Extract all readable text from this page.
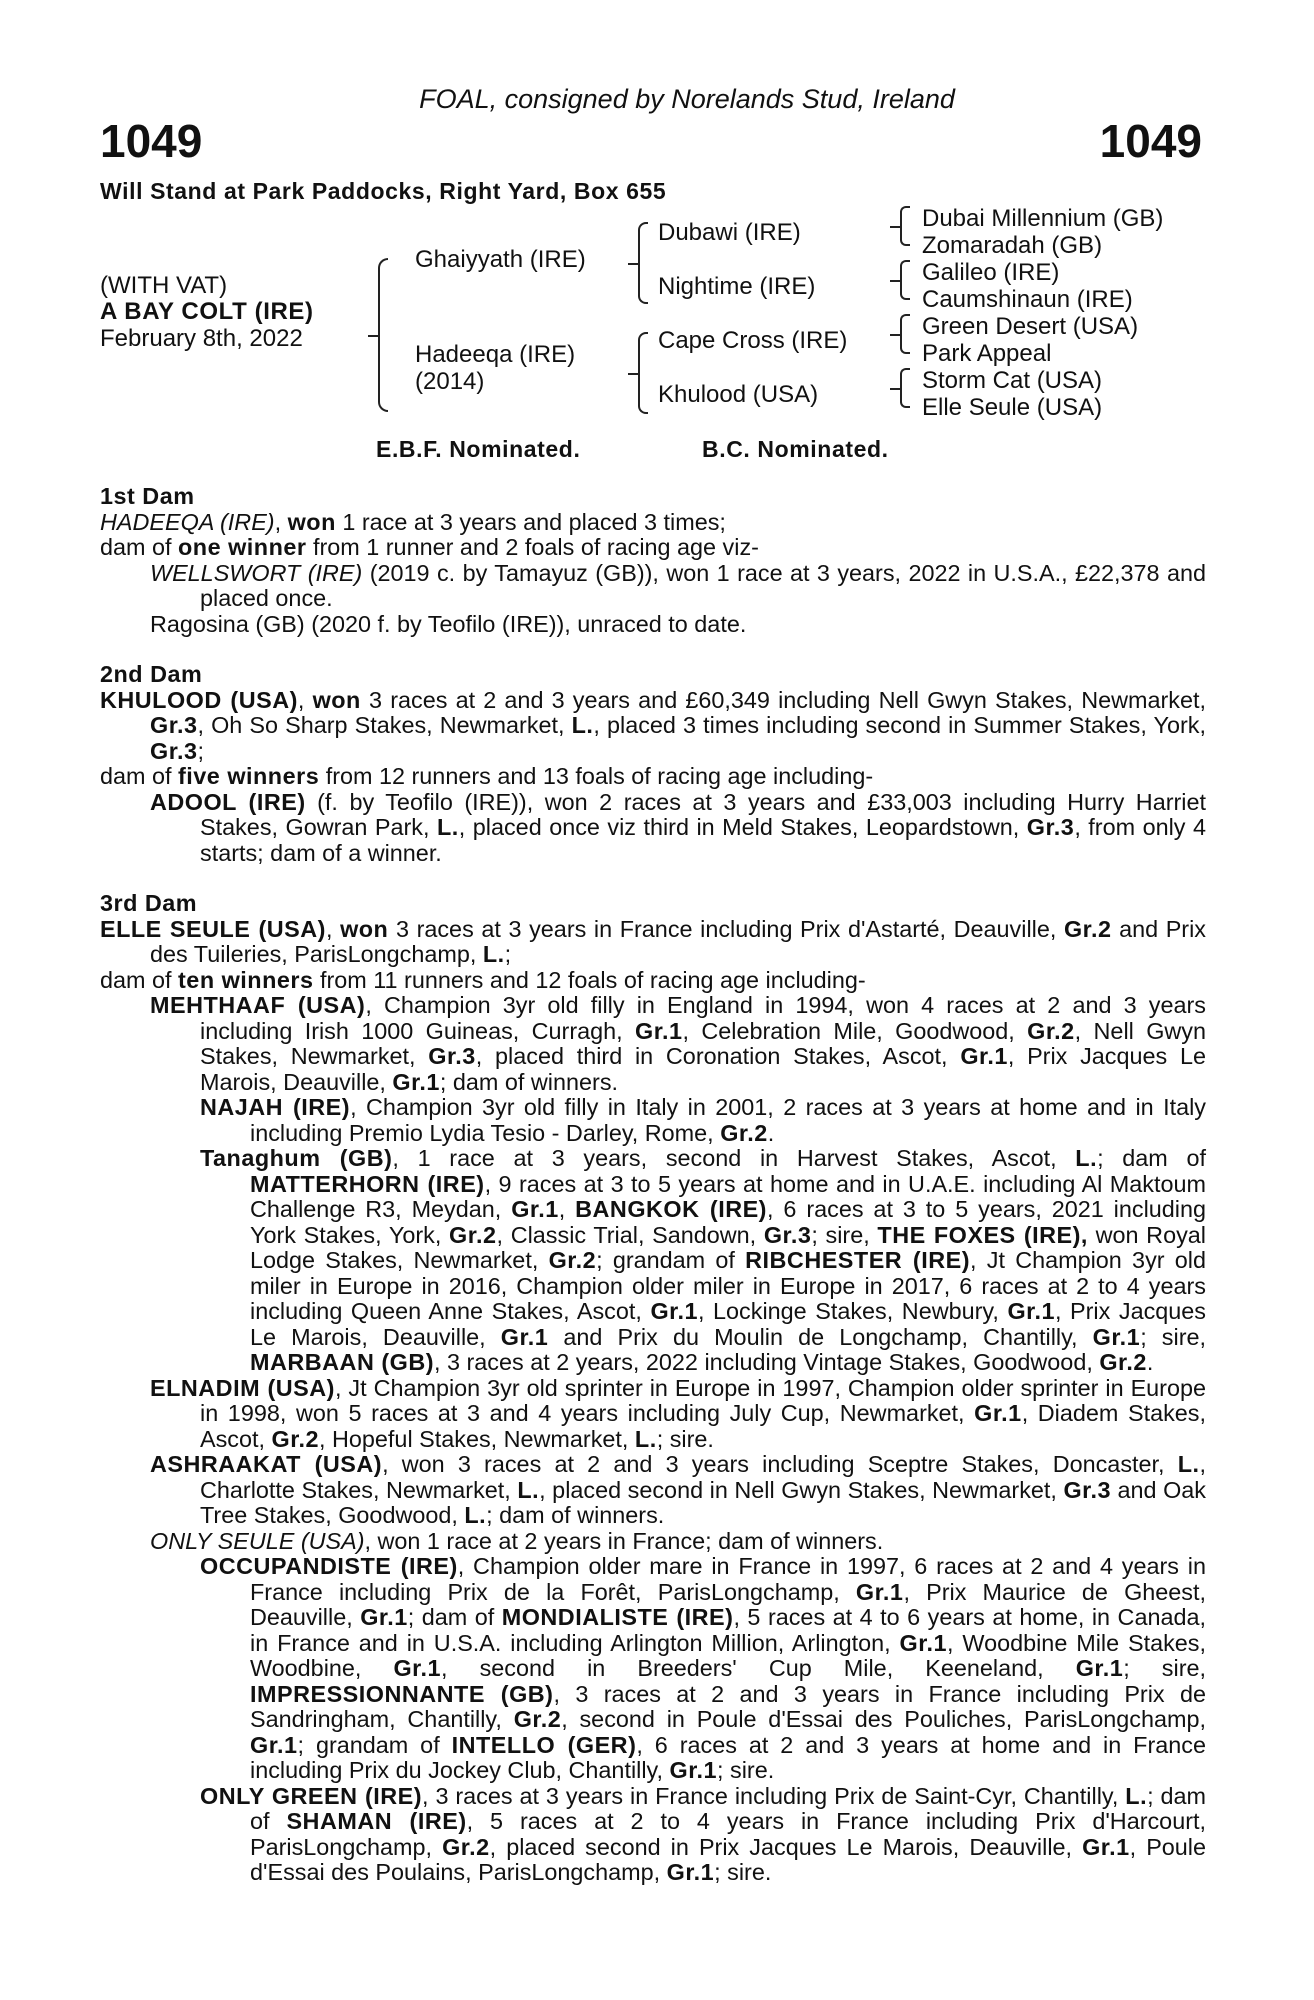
FOAL, consigned by Norelands Stud, Ireland
1049	1049
Will Stand at Park Paddocks, Right Yard, Box 655
(WITH VAT)
A BAY COLT (IRE)
February 8th, 2022
Ghaiyyath (IRE)
Hadeeqa (IRE)
(2014)
Dubawi (IRE)
Nightime (IRE)
Cape Cross (IRE)
Khulood (USA)
Dubai Millennium (GB)
Zomaradah (GB)
Galileo (IRE)
Caumshinaun (IRE)
Green Desert (USA)
Park Appeal
Storm Cat (USA)
Elle Seule (USA)
E.B.F. Nominated.	B.C. Nominated.

1st Dam

HADEEQA (IRE), won 1 race at 3 years and placed 3 times;

dam of one winner from 1 runner and 2 foals of racing age viz-

WELLSWORT (IRE) (2019 c. by Tamayuz (GB)), won 1 race at 3 years, 2022 in U.S.A., £22,378 and placed once.

Ragosina (GB) (2020 f. by Teofilo (IRE)), unraced to date.

2nd Dam

KHULOOD (USA), won 3 races at 2 and 3 years and £60,349 including Nell Gwyn Stakes, Newmarket, Gr.3, Oh So Sharp Stakes, Newmarket, L., placed 3 times including second in Summer Stakes, York, Gr.3;

dam of five winners from 12 runners and 13 foals of racing age including-

ADOOL (IRE) (f. by Teofilo (IRE)), won 2 races at 3 years and £33,003 including Hurry Harriet Stakes, Gowran Park, L., placed once viz third in Meld Stakes, Leopardstown, Gr.3, from only 4 starts; dam of a winner.

3rd Dam

ELLE SEULE (USA), won 3 races at 3 years in France including Prix d'Astarté, Deauville, Gr.2 and Prix des Tuileries, ParisLongchamp, L.;

dam of ten winners from 11 runners and 12 foals of racing age including-

MEHTHAAF (USA), Champion 3yr old filly in England in 1994, won 4 races at 2 and 3 years including Irish 1000 Guineas, Curragh, Gr.1, Celebration Mile, Goodwood, Gr.2, Nell Gwyn Stakes, Newmarket, Gr.3, placed third in Coronation Stakes, Ascot, Gr.1, Prix Jacques Le Marois, Deauville, Gr.1; dam of winners.

NAJAH (IRE), Champion 3yr old filly in Italy in 2001, 2 races at 3 years at home and in Italy including Premio Lydia Tesio - Darley, Rome, Gr.2.

Tanaghum (GB), 1 race at 3 years, second in Harvest Stakes, Ascot, L.; dam of MATTERHORN (IRE), 9 races at 3 to 5 years at home and in U.A.E. including Al Maktoum Challenge R3, Meydan, Gr.1, BANGKOK (IRE), 6 races at 3 to 5 years, 2021 including York Stakes, York, Gr.2, Classic Trial, Sandown, Gr.3; sire, THE FOXES (IRE), won Royal Lodge Stakes, Newmarket, Gr.2; grandam of RIBCHESTER (IRE), Jt Champion 3yr old miler in Europe in 2016, Champion older miler in Europe in 2017, 6 races at 2 to 4 years including Queen Anne Stakes, Ascot, Gr.1, Lockinge Stakes, Newbury, Gr.1, Prix Jacques Le Marois, Deauville, Gr.1 and Prix du Moulin de Longchamp, Chantilly, Gr.1; sire, MARBAAN (GB), 3 races at 2 years, 2022 including Vintage Stakes, Goodwood, Gr.2.

ELNADIM (USA), Jt Champion 3yr old sprinter in Europe in 1997, Champion older sprinter in Europe in 1998, won 5 races at 3 and 4 years including July Cup, Newmarket, Gr.1, Diadem Stakes, Ascot, Gr.2, Hopeful Stakes, Newmarket, L.; sire.

ASHRAAKAT (USA), won 3 races at 2 and 3 years including Sceptre Stakes, Doncaster, L., Charlotte Stakes, Newmarket, L., placed second in Nell Gwyn Stakes, Newmarket, Gr.3 and Oak Tree Stakes, Goodwood, L.; dam of winners.

ONLY SEULE (USA), won 1 race at 2 years in France; dam of winners.

OCCUPANDISTE (IRE), Champion older mare in France in 1997, 6 races at 2 and 4 years in France including Prix de la Forêt, ParisLongchamp, Gr.1, Prix Maurice de Gheest, Deauville, Gr.1; dam of MONDIALISTE (IRE), 5 races at 4 to 6 years at home, in Canada, in France and in U.S.A. including Arlington Million, Arlington, Gr.1, Woodbine Mile Stakes, Woodbine, Gr.1, second in Breeders' Cup Mile, Keeneland, Gr.1; sire, IMPRESSIONNANTE (GB), 3 races at 2 and 3 years in France including Prix de Sandringham, Chantilly, Gr.2, second in Poule d'Essai des Pouliches, ParisLongchamp, Gr.1; grandam of INTELLO (GER), 6 races at 2 and 3 years at home and in France including Prix du Jockey Club, Chantilly, Gr.1; sire.

ONLY GREEN (IRE), 3 races at 3 years in France including Prix de Saint-Cyr, Chantilly, L.; dam of SHAMAN (IRE), 5 races at 2 to 4 years in France including Prix d'Harcourt, ParisLongchamp, Gr.2, placed second in Prix Jacques Le Marois, Deauville, Gr.1, Poule d'Essai des Poulains, ParisLongchamp, Gr.1; sire.
